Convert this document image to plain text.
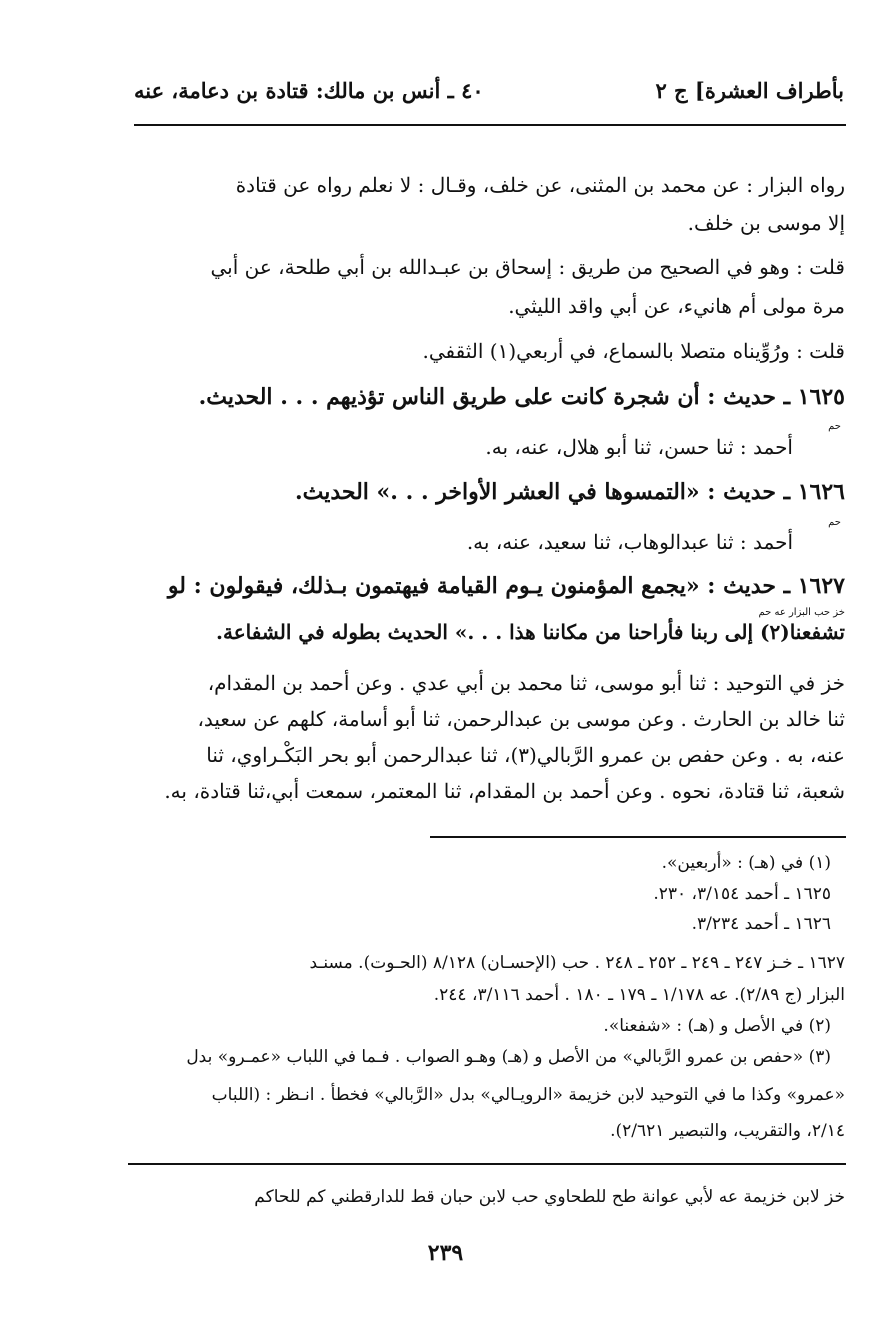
بأطراف العشرة] ج ٢
٤٠ ـ أنس بن مالك: قتادة بن دعامة، عنه
رواه البزار : عن محمد بن المثنى، عن خلف، وقـال : لا نعلم رواه عن قتادة
إلا موسى بن خلف.
قلت : وهو في الصحيح من طريق : إسحاق بن عبـدالله بن أبي طلحة، عن أبي
مرة مولى أم هانيء، عن أبي واقد الليثي.
قلت : ورُوِّيناه متصلا بالسماع، في أربعي(١) الثقفي.
١٦٢٥ ـ حديث : أن شجرة كانت على طريق الناس تؤذيهم . . . الحديث.
حم
أحمد : ثنا حسن، ثنا أبو هلال، عنه، به.
١٦٢٦ ـ حديث : «التمسوها في العشر الأواخر . . .» الحديث.
حم
أحمد : ثنا عبدالوهاب، ثنا سعيد، عنه، به.
١٦٢٧ ـ حديث : «يجمع المؤمنون يـوم القيامة فيهتمون بـذلك، فيقولون : لو
خز حب البزار عه حم
تشفعنا(٢) إلى ربنا فأراحنا من مكاننا هذا . . .» الحديث بطوله في الشفاعة.
خز في التوحيد : ثنا أبو موسى، ثنا محمد بن أبي عدي . وعن أحمد بن المقدام،
ثنا خالد بن الحارث . وعن موسى بن عبدالرحمن، ثنا أبو أسامة، كلهم عن سعيد،
عنه، به . وعن حفص بن عمرو الرَّبالي(٣)، ثنا عبدالرحمن أبو بحر البَكْـراوي، ثنا
شعبة، ثنا قتادة، نحوه . وعن أحمد بن المقدام، ثنا المعتمر، سمعت أبي،ثنا قتادة، به.
(١) في (هـ) : «أربعين».
١٦٢٥ ـ أحمد ٣/١٥٤، ٢٣٠.
١٦٢٦ ـ أحمد ٣/٢٣٤.
١٦٢٧ ـ خـز ٢٤٧ ـ ٢٤٩ ـ ٢٥٢ ـ ٢٤٨ . حب (الإحسـان) ٨/١٢٨ (الحـوت). مسنـد
البزار (ج ٢/٨٩). عه ١/١٧٨ ـ ١٧٩ ـ ١٨٠ . أحمد ٣/١١٦، ٢٤٤.
(٢) في الأصل و (هـ) : «شفعنا».
(٣) «حفص بن عمرو الرَّبالي» من الأصل و (هـ) وهـو الصواب . فـما في اللباب «عمـرو» بدل
«عمرو» وكذا ما في التوحيد لابن خزيمة «الرويـالي» بدل «الرَّبالي» فخطأ . انـظر : (اللباب
٢/١٤، والتقريب، والتبصير ٢/٦٢١).
خز لابن خزيمة عه لأبي عوانة طح للطحاوي حب لابن حبان قط للدارقطني كم للحاكم
٢٣٩
